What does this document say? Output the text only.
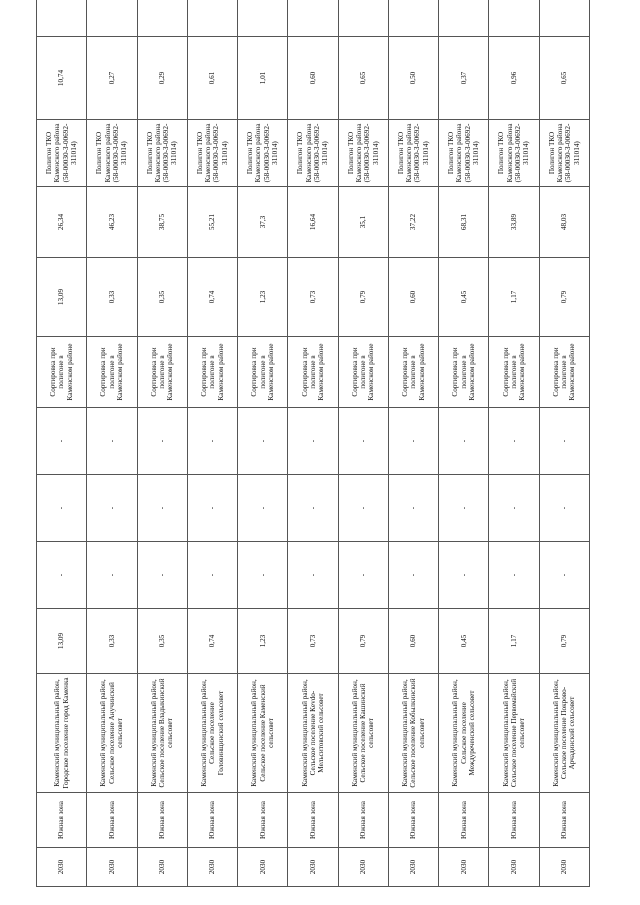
2030	Южная зона	Каменский муниципальный район, Городское поселение город Каменка	13,09	-	-	-	Сортировка при полигоне в Каменском районе	13,09	26,34	Полигон ТКО Каменского района (58-00030-З-00692-311014)	10,74	
2030	Южная зона	Каменский муниципальный район, Сельское поселение Анучинский сельсовет	0,33	-	-	-	Сортировка при полигоне в Каменском районе	0,33	46,23	Полигон ТКО Каменского района (58-00030-З-00692-311014)	0,27	
2030	Южная зона	Каменский муниципальный район, Сельское поселение Владыкинский сельсовет	0,35	-	-	-	Сортировка при полигоне в Каменском районе	0,35	38,75	Полигон ТКО Каменского района (58-00030-З-00692-311014)	0,29	
2030	Южная зона	Каменский муниципальный район, Сельское поселение Головинщинский сельсовет	0,74	-	-	-	Сортировка при полигоне в Каменском районе	0,74	55,21	Полигон ТКО Каменского района (58-00030-З-00692-311014)	0,61	
2030	Южная зона	Каменский муниципальный район, Сельское поселение Каменский сельсовет	1,23	-	-	-	Сортировка при полигоне в Каменском районе	1,23	37,3	Полигон ТКО Каменского района (58-00030-З-00692-311014)	1,01	
2030	Южная зона	Каменский муниципальный район, Сельское поселение Кevdo-Мельситовский сельсовет	0,73	-	-	-	Сортировка при полигоне в Каменском районе	0,73	16,64	Полигон ТКО Каменского района (58-00030-З-00692-311014)	0,60	
2030	Южная зона	Каменский муниципальный район, Сельское поселение Кашинский сельсовет	0,79	-	-	-	Сортировка при полигоне в Каменском районе	0,79	35,1	Полигон ТКО Каменского района (58-00030-З-00692-311014)	0,65	
2030	Южная зона	Каменский муниципальный район, Сельское поселение Кобылкинский сельсовет	0,60	-	-	-	Сортировка при полигоне в Каменском районе	0,60	37,22	Полигон ТКО Каменского района (58-00030-З-00692-311014)	0,50	
2030	Южная зона	Каменский муниципальный район, Сельское поселение Междуреченский сельсовет	0,45	-	-	-	Сортировка при полигоне в Каменском районе	0,45	68,31	Полигон ТКО Каменского района (58-00030-З-00692-311014)	0,37	
2030	Южная зона	Каменский муниципальный район, Сельское поселение Первомайский сельсовет	1,17	-	-	-	Сортировка при полигоне в Каменском районе	1,17	33,89	Полигон ТКО Каменского района (58-00030-З-00692-311014)	0,96	
2030	Южная зона	Каменский муниципальный район, Сельское поселение Покрово-Арчадинский сельсовет	0,79	-	-	-	Сортировка при полигоне в Каменском районе	0,79	48,03	Полигон ТКО Каменского района (58-00030-З-00692-311014)	0,65	
